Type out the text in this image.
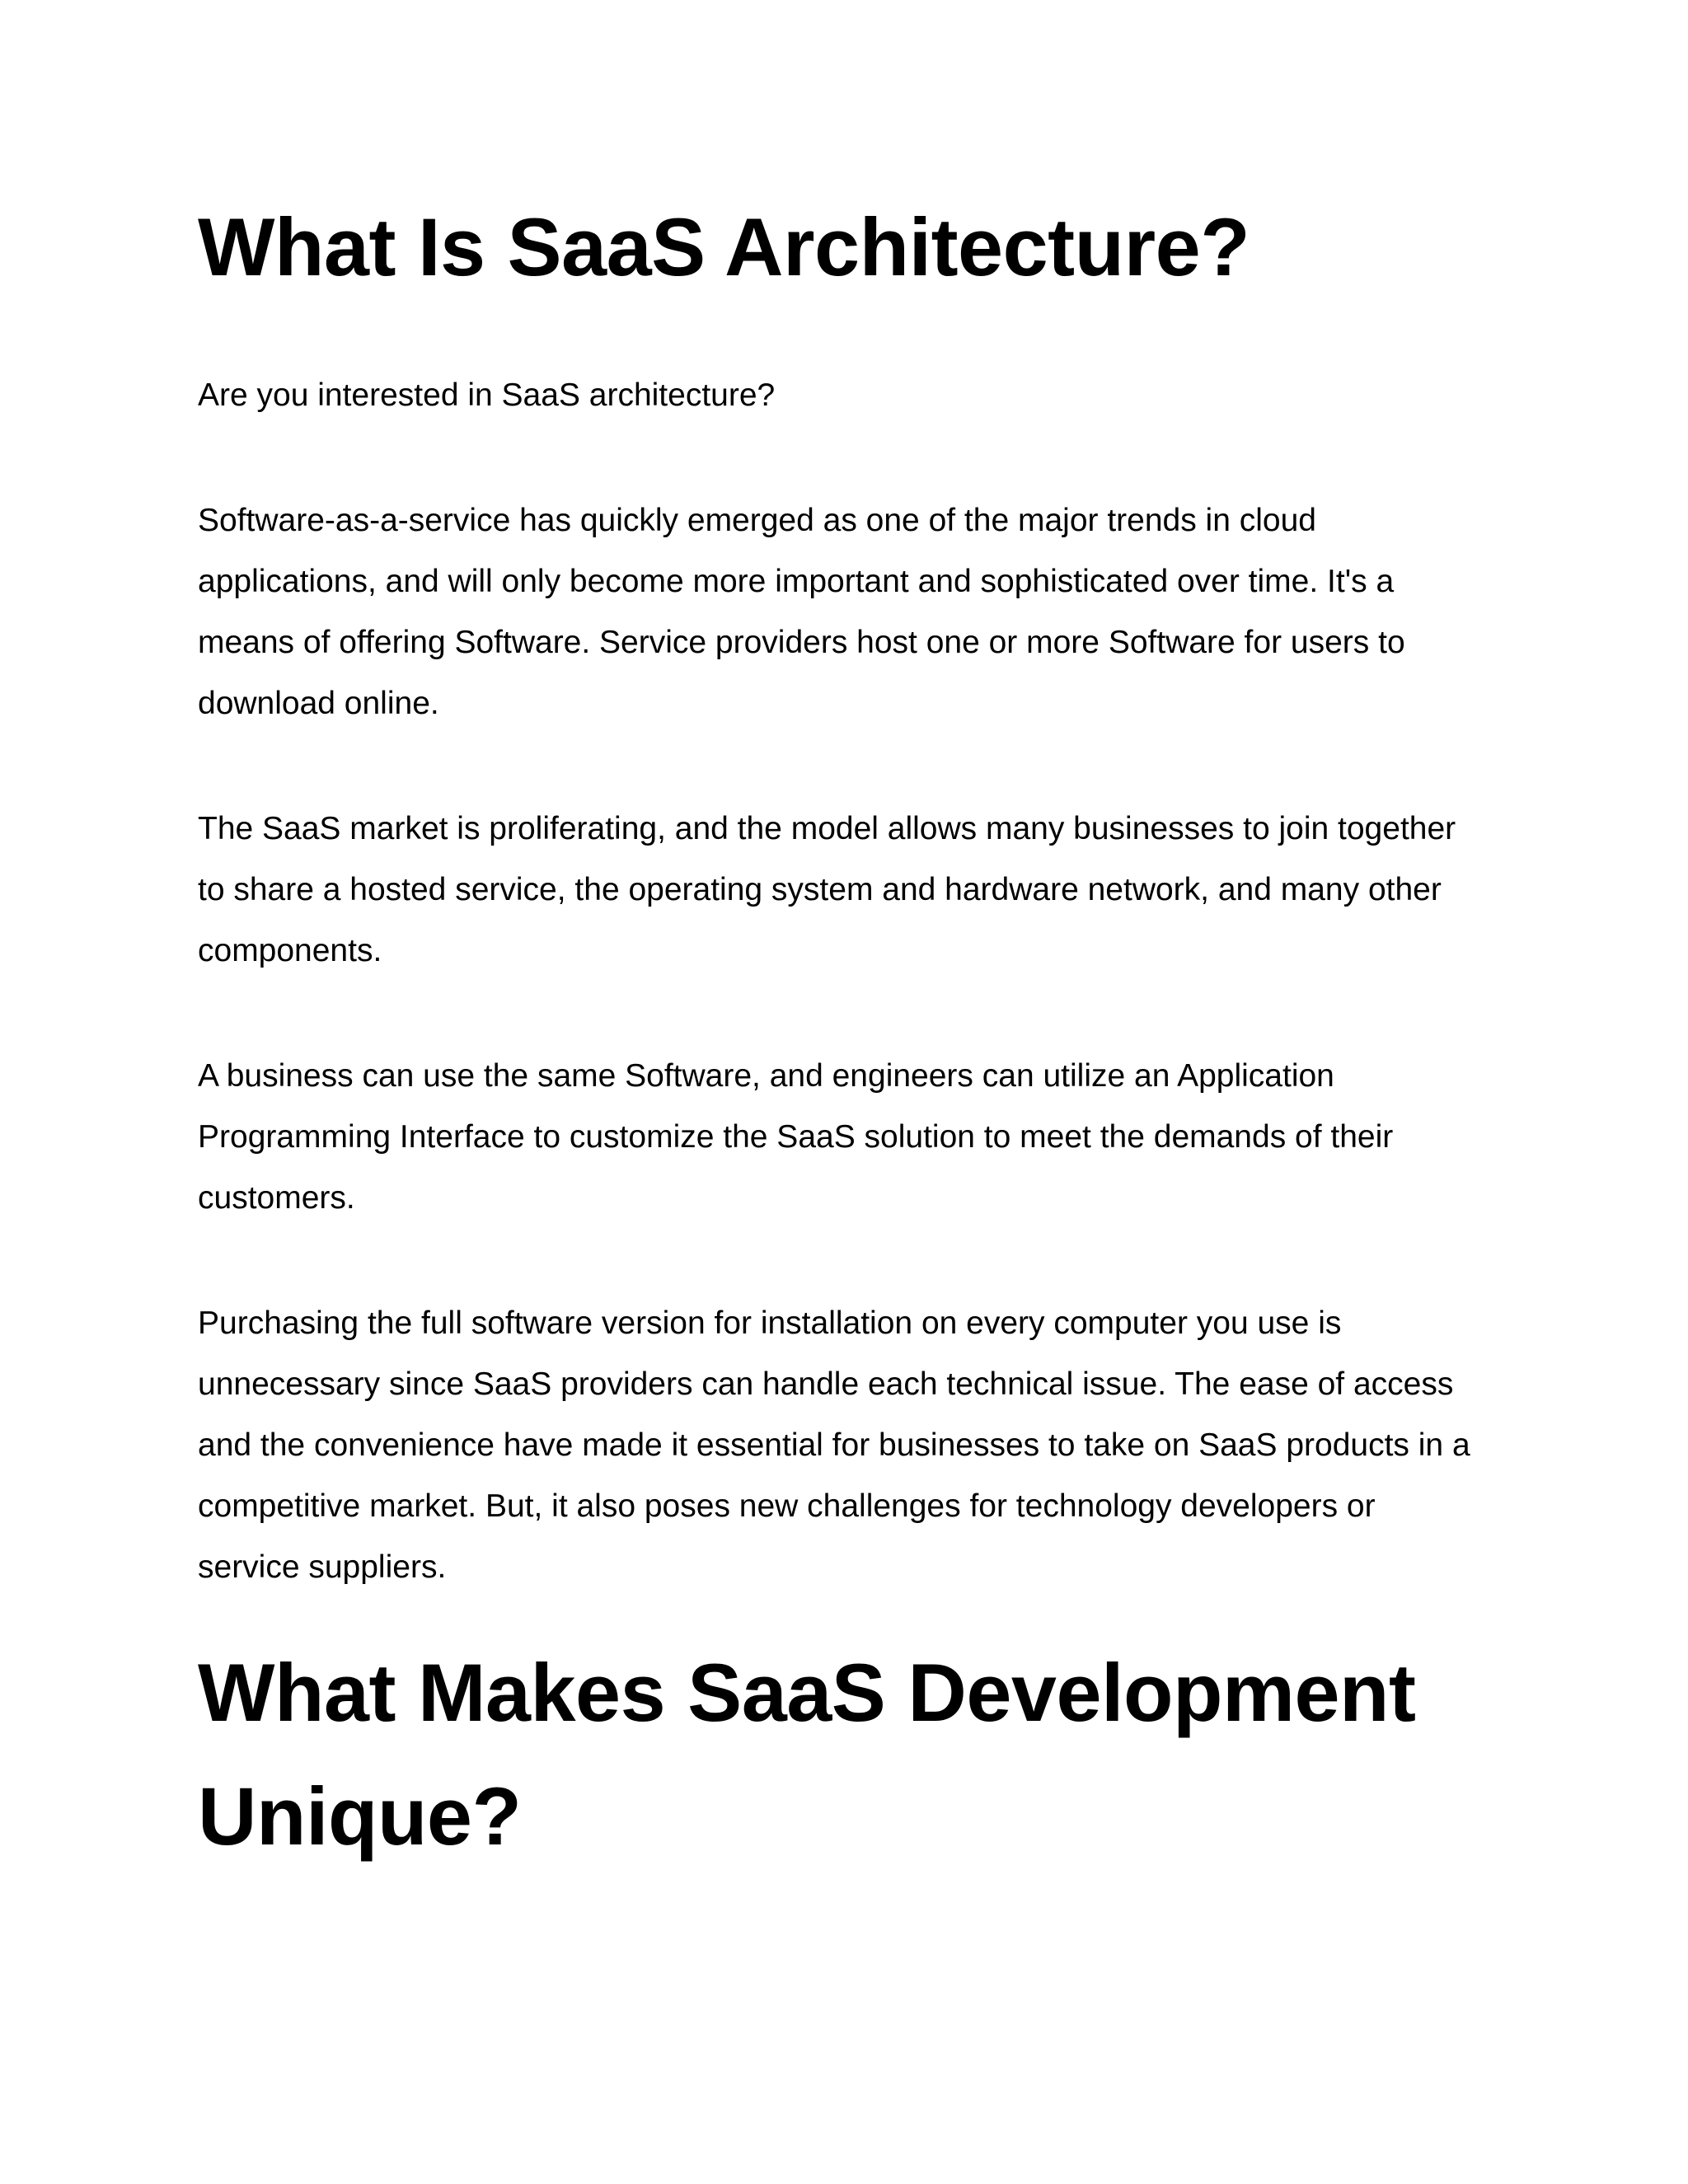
What Is SaaS Architecture?

Are you interested in SaaS architecture?

Software-as-a-service has quickly emerged as one of the major trends in cloud applications, and will only become more important and sophisticated over time. It's a means of offering Software. Service providers host one or more Software for users to download online.

The SaaS market is proliferating, and the model allows many businesses to join together to share a hosted service, the operating system and hardware network, and many other components.

A business can use the same Software, and engineers can utilize an Application Programming Interface to customize the SaaS solution to meet the demands of their customers.

Purchasing the full software version for installation on every computer you use is unnecessary since SaaS providers can handle each technical issue. The ease of access and the convenience have made it essential for businesses to take on SaaS products in a competitive market. But, it also poses new challenges for technology developers or service suppliers.

What Makes SaaS Development Unique?
